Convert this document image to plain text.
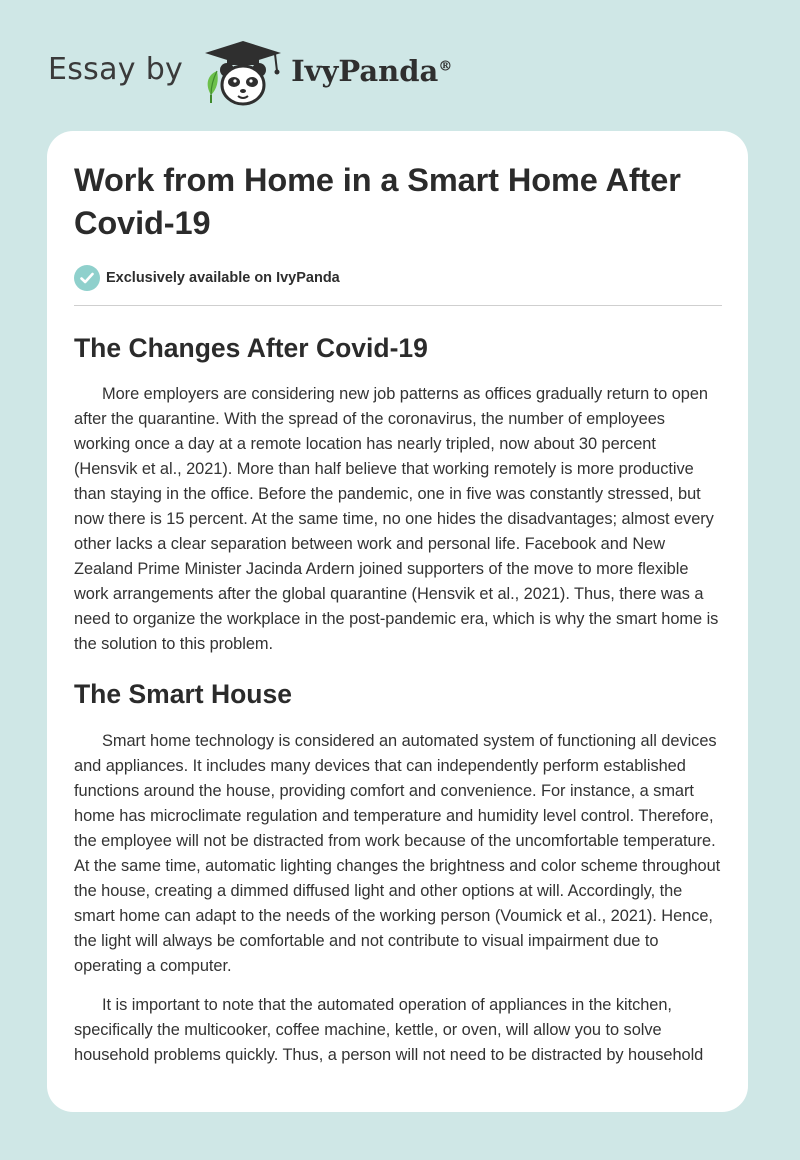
Essay by	IvyPanda®
Work from Home in a Smart Home After Covid-19
Exclusively available on IvyPanda
The Changes After Covid-19

More employers are considering new job patterns as offices gradually return to open after the quarantine. With the spread of the coronavirus, the number of employees working once a day at a remote location has nearly tripled, now about 30 percent (Hensvik et al., 2021). More than half believe that working remotely is more productive than staying in the office. Before the pandemic, one in five was constantly stressed, but now there is 15 percent. At the same time, no one hides the disadvantages; almost every other lacks a clear separation between work and personal life. Facebook and New Zealand Prime Minister Jacinda Ardern joined supporters of the move to more flexible work arrangements after the global quarantine (Hensvik et al., 2021). Thus, there was a need to organize the workplace in the post-pandemic era, which is why the smart home is the solution to this problem.

The Smart House

Smart home technology is considered an automated system of functioning all devices and appliances. It includes many devices that can independently perform established functions around the house, providing comfort and convenience. For instance, a smart home has microclimate regulation and temperature and humidity level control. Therefore, the employee will not be distracted from work because of the uncomfortable temperature. At the same time, automatic lighting changes the brightness and color scheme throughout the house, creating a dimmed diffused light and other options at will. Accordingly, the smart home can adapt to the needs of the working person (Voumick et al., 2021). Hence, the light will always be comfortable and not contribute to visual impairment due to operating a computer.

It is important to note that the automated operation of appliances in the kitchen, specifically the multicooker, coffee machine, kettle, or oven, will allow you to solve household problems quickly. Thus, a person will not need to be distracted by household
